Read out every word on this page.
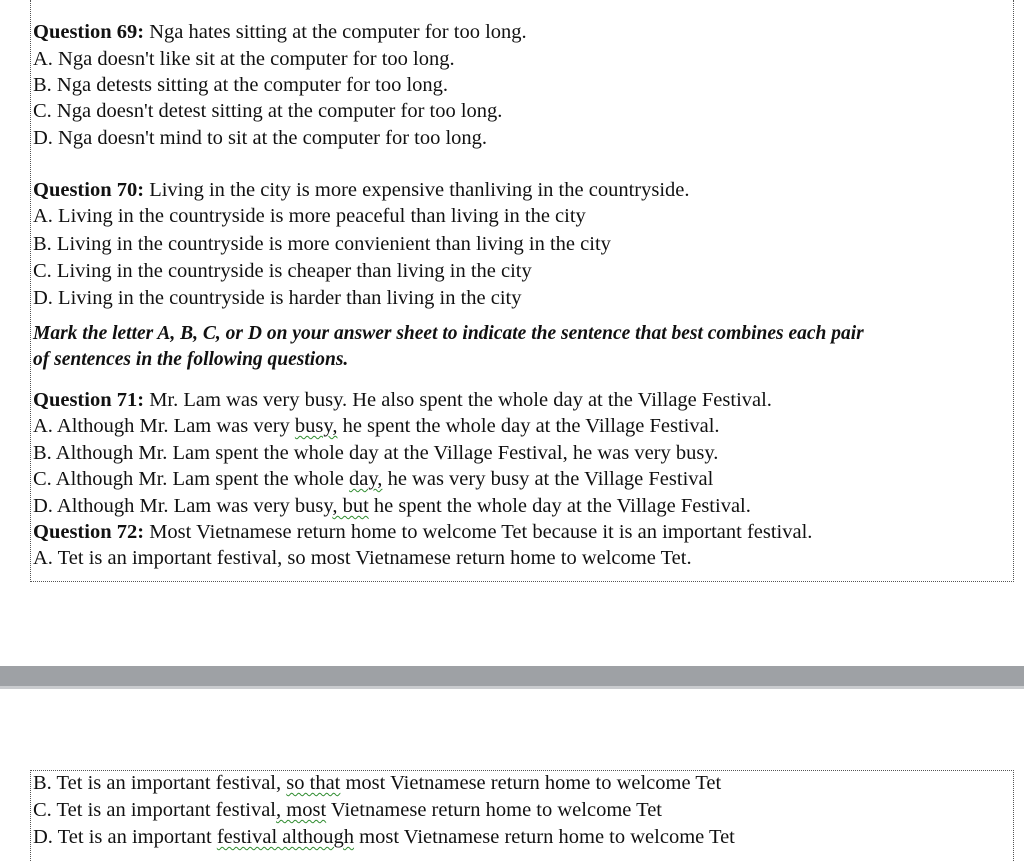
Question 69: Nga hates sitting at the computer for too long.
A. Nga doesn't like sit at the computer for too long.
B. Nga detests sitting at the computer for too long.
C. Nga doesn't detest sitting at the computer for too long.
D. Nga doesn't mind to sit at the computer for too long.
Question 70: Living in the city is more expensive thanliving in the countryside.
A. Living in the countryside is more peaceful than living in the city
B. Living in the countryside is more convienient than living in the city
C. Living in the countryside is cheaper than living in the city
D. Living in the countryside is harder than living in the city
Mark the letter A, B, C, or D on your answer sheet to indicate the sentence that best combines each pair
of sentences in the following questions.
Question 71: Mr. Lam was very busy. He also spent the whole day at the Village Festival.
A. Although Mr. Lam was very busy, he spent the whole day at the Village Festival.
B. Although Mr. Lam spent the whole day at the Village Festival, he was very busy.
C. Although Mr. Lam spent the whole day, he was very busy at the Village Festival
D. Although Mr. Lam was very busy, but he spent the whole day at the Village Festival.
Question 72: Most Vietnamese return home to welcome Tet because it is an important festival.
A. Tet is an important festival, so most Vietnamese return home to welcome Tet.
B. Tet is an important festival, so that most Vietnamese return home to welcome Tet
C. Tet is an important festival, most Vietnamese return home to welcome Tet
D. Tet is an important festival although most Vietnamese return home to welcome Tet
